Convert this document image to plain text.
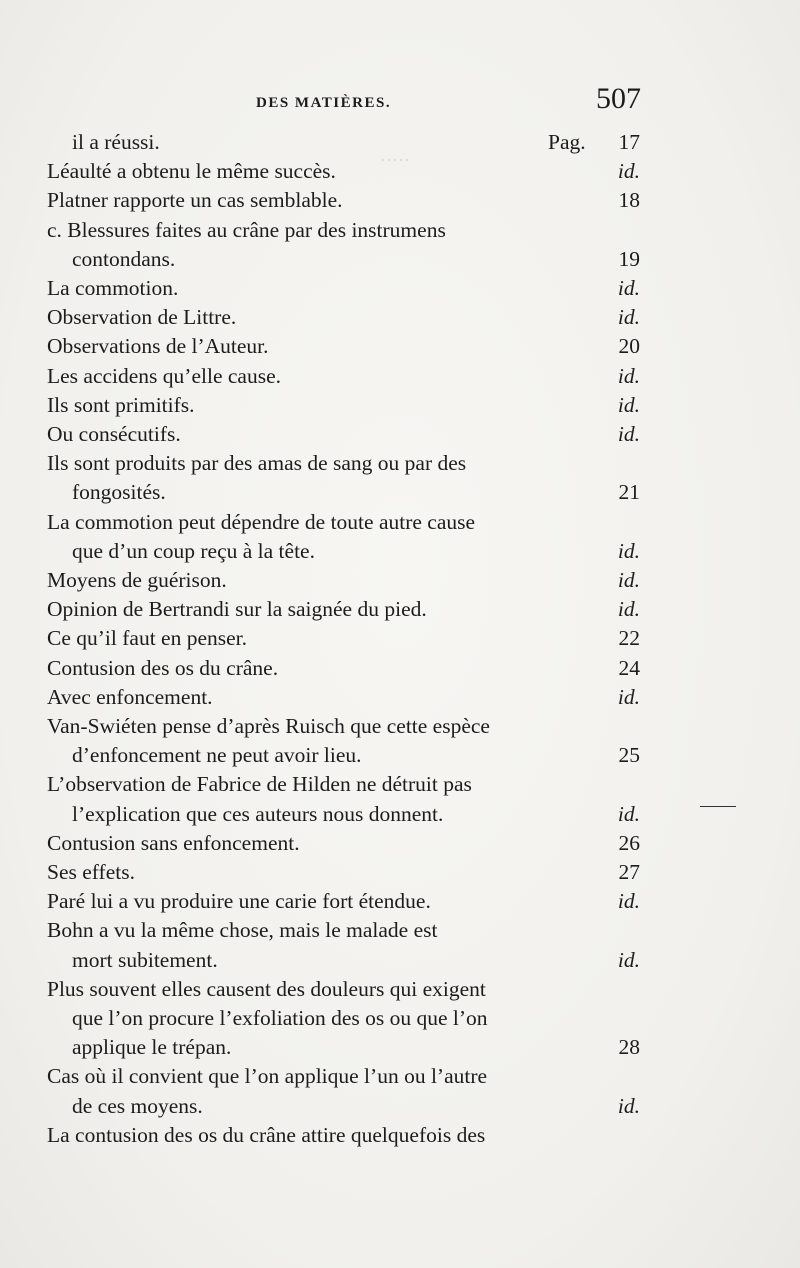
·····
DES MATIÈRES.	507
il a réussi.	Pag.	17
Léaulté a obtenu le même succès.	id.
Platner rapporte un cas semblable.	18
c. Blessures faites au crâne par des instrumens
contondans.	19
La commotion.	id.
Observation de Littre.	id.
Observations de l’Auteur.	20
Les accidens qu’elle cause.	id.
Ils sont primitifs.	id.
Ou consécutifs.	id.
Ils sont produits par des amas de sang ou par des
fongosités.	21
La commotion peut dépendre de toute autre cause
que d’un coup reçu à la tête.	id.
Moyens de guérison.	id.
Opinion de Bertrandi sur la saignée du pied.	id.
Ce qu’il faut en penser.	22
Contusion des os du crâne.	24
Avec enfoncement.	id.
Van-Swiéten pense d’après Ruisch que cette espèce
d’enfoncement ne peut avoir lieu.	25
L’observation de Fabrice de Hilden ne détruit pas
l’explication que ces auteurs nous donnent.	id.
Contusion sans enfoncement.	26
Ses effets.	27
Paré lui a vu produire une carie fort étendue.	id.
Bohn a vu la même chose, mais le malade est
mort subitement.	id.
Plus souvent elles causent des douleurs qui exigent
que l’on procure l’exfoliation des os ou que l’on
applique le trépan.	28
Cas où il convient que l’on applique l’un ou l’autre
de ces moyens.	id.
La contusion des os du crâne attire quelquefois des
